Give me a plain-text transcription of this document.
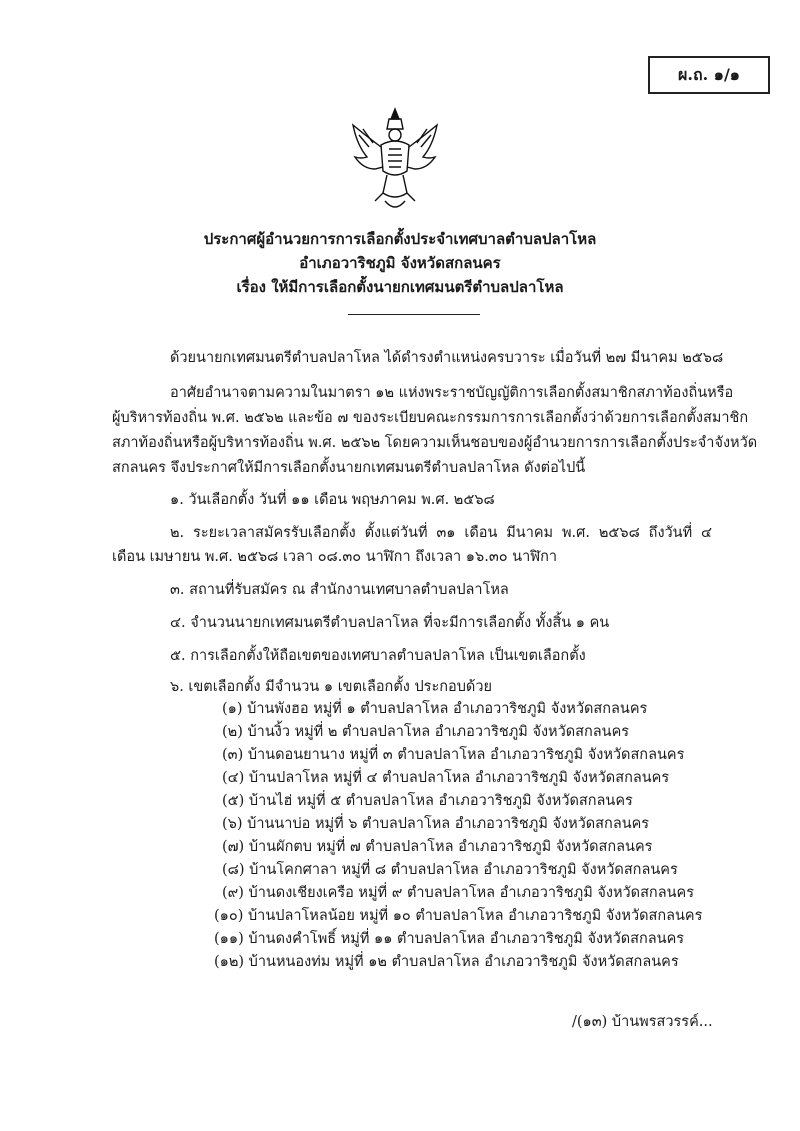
ผ.ถ. ๑/๑
ประกาศผู้อำนวยการการเลือกตั้งประจำเทศบาลตำบลปลาโหล
อำเภอวาริชภูมิ จังหวัดสกลนคร
เรื่อง ให้มีการเลือกตั้งนายกเทศมนตรีตำบลปลาโหล
ด้วยนายกเทศมนตรีตำบลปลาโหล ได้ดำรงตำแหน่งครบวาระ เมื่อวันที่ ๒๗ มีนาคม ๒๕๖๘
อาศัยอำนาจตามความในมาตรา ๑๒ แห่งพระราชบัญญัติการเลือกตั้งสมาชิกสภาท้องถิ่นหรือ
ผู้บริหารท้องถิ่น พ.ศ. ๒๕๖๒ และข้อ ๗ ของระเบียบคณะกรรมการการเลือกตั้งว่าด้วยการเลือกตั้งสมาชิก
สภาท้องถิ่นหรือผู้บริหารท้องถิ่น พ.ศ. ๒๕๖๒ โดยความเห็นชอบของผู้อำนวยการการเลือกตั้งประจำจังหวัด
สกลนคร จึงประกาศให้มีการเลือกตั้งนายกเทศมนตรีตำบลปลาโหล ดังต่อไปนี้
๑. วันเลือกตั้ง วันที่ ๑๑ เดือน พฤษภาคม พ.ศ. ๒๕๖๘
๒. ระยะเวลาสมัครรับเลือกตั้ง ตั้งแต่วันที่ ๓๑ เดือน มีนาคม พ.ศ. ๒๕๖๘ ถึงวันที่ ๔
เดือน เมษายน พ.ศ. ๒๕๖๘ เวลา ๐๘.๓๐ นาฬิกา ถึงเวลา ๑๖.๓๐ นาฬิกา
๓. สถานที่รับสมัคร ณ สำนักงานเทศบาลตำบลปลาโหล
๔. จำนวนนายกเทศมนตรีตำบลปลาโหล ที่จะมีการเลือกตั้ง ทั้งสิ้น ๑ คน
๕. การเลือกตั้งให้ถือเขตของเทศบาลตำบลปลาโหล เป็นเขตเลือกตั้ง
๖. เขตเลือกตั้ง มีจำนวน ๑ เขตเลือกตั้ง ประกอบด้วย
(๑) บ้านพังฮอ หมู่ที่ ๑ ตำบลปลาโหล อำเภอวาริชภูมิ จังหวัดสกลนคร
(๒) บ้านงิ้ว หมู่ที่ ๒ ตำบลปลาโหล อำเภอวาริชภูมิ จังหวัดสกลนคร
(๓) บ้านดอนยานาง หมู่ที่ ๓ ตำบลปลาโหล อำเภอวาริชภูมิ จังหวัดสกลนคร
(๔) บ้านปลาโหล หมู่ที่ ๔ ตำบลปลาโหล อำเภอวาริชภูมิ จังหวัดสกลนคร
(๕) บ้านไฮ่ หมู่ที่ ๕ ตำบลปลาโหล อำเภอวาริชภูมิ จังหวัดสกลนคร
(๖) บ้านนาบ่อ หมู่ที่ ๖ ตำบลปลาโหล อำเภอวาริชภูมิ จังหวัดสกลนคร
(๗) บ้านผักตบ หมู่ที่ ๗ ตำบลปลาโหล อำเภอวาริชภูมิ จังหวัดสกลนคร
(๘) บ้านโคกศาลา หมู่ที่ ๘ ตำบลปลาโหล อำเภอวาริชภูมิ จังหวัดสกลนคร
(๙) บ้านดงเชียงเครือ หมู่ที่ ๙ ตำบลปลาโหล อำเภอวาริชภูมิ จังหวัดสกลนคร
(๑๐) บ้านปลาโหลน้อย หมู่ที่ ๑๐ ตำบลปลาโหล อำเภอวาริชภูมิ จังหวัดสกลนคร
(๑๑) บ้านดงคำโพธิ์ หมู่ที่ ๑๑ ตำบลปลาโหล อำเภอวาริชภูมิ จังหวัดสกลนคร
(๑๒) บ้านหนองท่ม หมู่ที่ ๑๒ ตำบลปลาโหล อำเภอวาริชภูมิ จังหวัดสกลนคร
/(๑๓) บ้านพรสวรรค์...
